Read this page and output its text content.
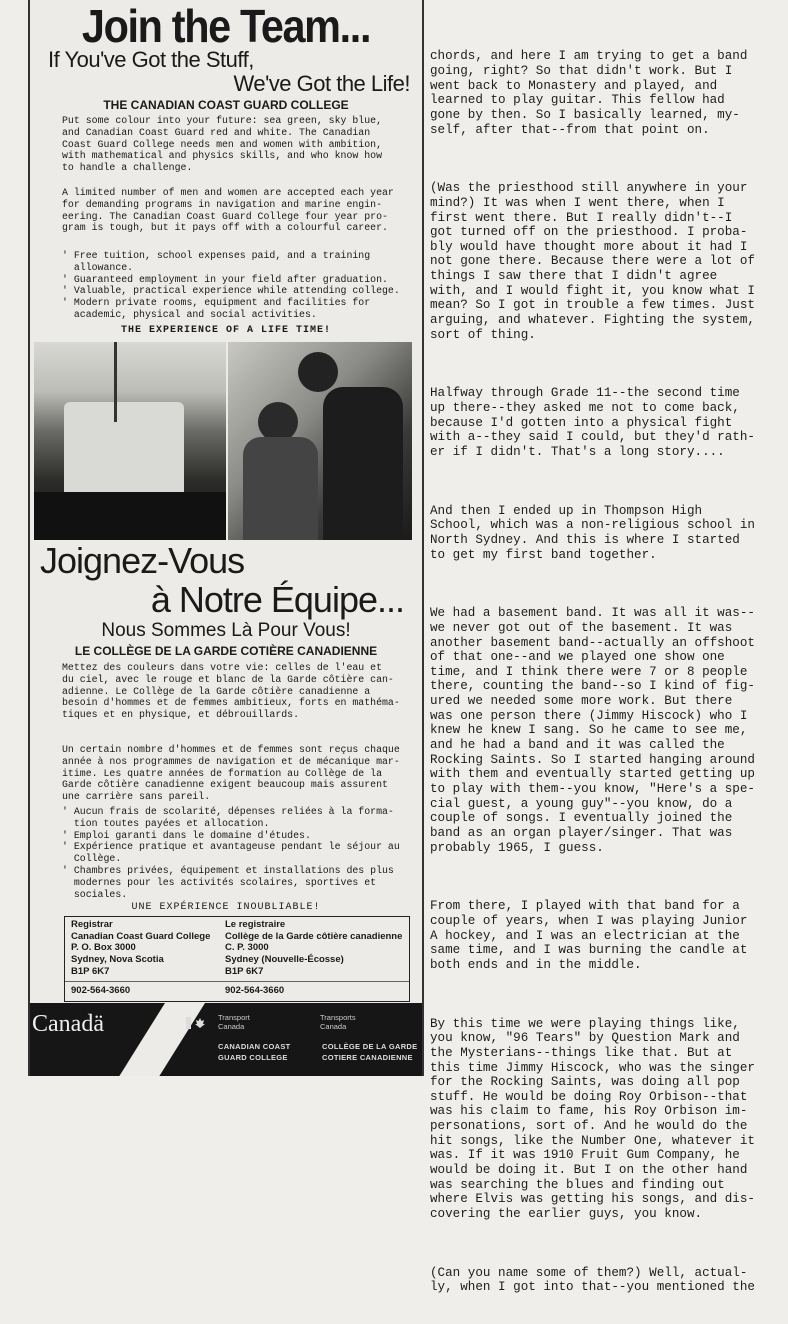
Join the Team...
If You've Got the Stuff,
We've Got the Life!
THE CANADIAN COAST GUARD COLLEGE
Put some colour into your future: sea green, sky blue,
and Canadian Coast Guard red and white. The Canadian
Coast Guard College needs men and women with ambition,
with mathematical and physics skills, and who know how
to handle a challenge.
A limited number of men and women are accepted each year
for demanding programs in navigation and marine engin-
eering. The Canadian Coast Guard College four year pro-
gram is tough, but it pays off with a colourful career.
' Free tuition, school expenses paid, and a training
allowance.
' Guaranteed employment in your field after graduation.
' Valuable, practical experience while attending college.
' Modern private rooms, equipment and facilities for
academic, physical and social activities.
THE EXPERIENCE OF A LIFE TIME!
Joignez-Vous
à Notre Équipe...
Nous Sommes Là Pour Vous!
LE COLLÈGE DE LA GARDE COTIÈRE CANADIENNE
Mettez des couleurs dans votre vie: celles de l'eau et
du ciel, avec le rouge et blanc de la Garde côtière can-
adienne. Le Collège de la Garde côtière canadienne a
besoin d'hommes et de femmes ambitieux, forts en mathéma-
tiques et en physique, et débrouillards.
Un certain nombre d'hommes et de femmes sont reçus chaque
année à nos programmes de navigation et de mécanique mar-
itime. Les quatre années de formation au Collège de la
Garde côtière canadienne exigent beaucoup mais assurent
une carrière sans pareil.
' Aucun frais de scolarité, dépenses reliées à la forma-
tion toutes payées et allocation.
' Emploi garanti dans le domaine d'études.
' Expérience pratique et avantageuse pendant le séjour au
Collège.
' Chambres privées, équipement et installations des plus
modernes pour les activités scolaires, sportives et
sociales.
UNE EXPÉRIENCE INOUBLIABLE!
Registrar
Canadian Coast Guard College
P. O. Box 3000
Sydney, Nova Scotia
B1P 6K7
902-564-3660
Le registraire
Collège de la Garde côtière canadienne
C. P. 3000
Sydney (Nouvelle-Écosse)
B1P 6K7
902-564-3660
Canadä	Transport
Canada
Transports
Canada
CANADIAN COAST
GUARD COLLEGE
COLLÈGE DE LA GARDE
COTIERE CANADIENNE

chords, and here I am trying to get a band
going, right? So that didn't work. But I
went back to Monastery and played, and
learned to play guitar. This fellow had
gone by then. So I basically learned, my-
self, after that--from that point on.

(Was the priesthood still anywhere in your
mind?) It was when I went there, when I
first went there. But I really didn't--I
got turned off on the priesthood. I proba-
bly would have thought more about it had I
not gone there. Because there were a lot of
things I saw there that I didn't agree
with, and I would fight it, you know what I
mean? So I got in trouble a few times. Just
arguing, and whatever. Fighting the system,
sort of thing.

Halfway through Grade 11--the second time
up there--they asked me not to come back,
because I'd gotten into a physical fight
with a--they said I could, but they'd rath-
er if I didn't. That's a long story....

And then I ended up in Thompson High
School, which was a non-religious school in
North Sydney. And this is where I started
to get my first band together.

We had a basement band. It was all it was--
we never got out of the basement. It was
another basement band--actually an offshoot
of that one--and we played one show one
time, and I think there were 7 or 8 people
there, counting the band--so I kind of fig-
ured we needed some more work. But there
was one person there (Jimmy Hiscock) who I
knew he knew I sang. So he came to see me,
and he had a band and it was called the
Rocking Saints. So I started hanging around
with them and eventually started getting up
to play with them--you know, "Here's a spe-
cial guest, a young guy"--you know, do a
couple of songs. I eventually joined the
band as an organ player/singer. That was
probably 1965, I guess.

From there, I played with that band for a
couple of years, when I was playing Junior
A hockey, and I was an electrician at the
same time, and I was burning the candle at
both ends and in the middle.

By this time we were playing things like,
you know, "96 Tears" by Question Mark and
the Mysterians--things like that. But at
this time Jimmy Hiscock, who was the singer
for the Rocking Saints, was doing all pop
stuff. He would be doing Roy Orbison--that
was his claim to fame, his Roy Orbison im-
personations, sort of. And he would do the
hit songs, like the Number One, whatever it
was. If it was 1910 Fruit Gum Company, he
would be doing it. But I on the other hand
was searching the blues and finding out
where Elvis was getting his songs, and dis-
covering the earlier guys, you know.

(Can you name some of them?) Well, actual-
ly, when I got into that--you mentioned the
